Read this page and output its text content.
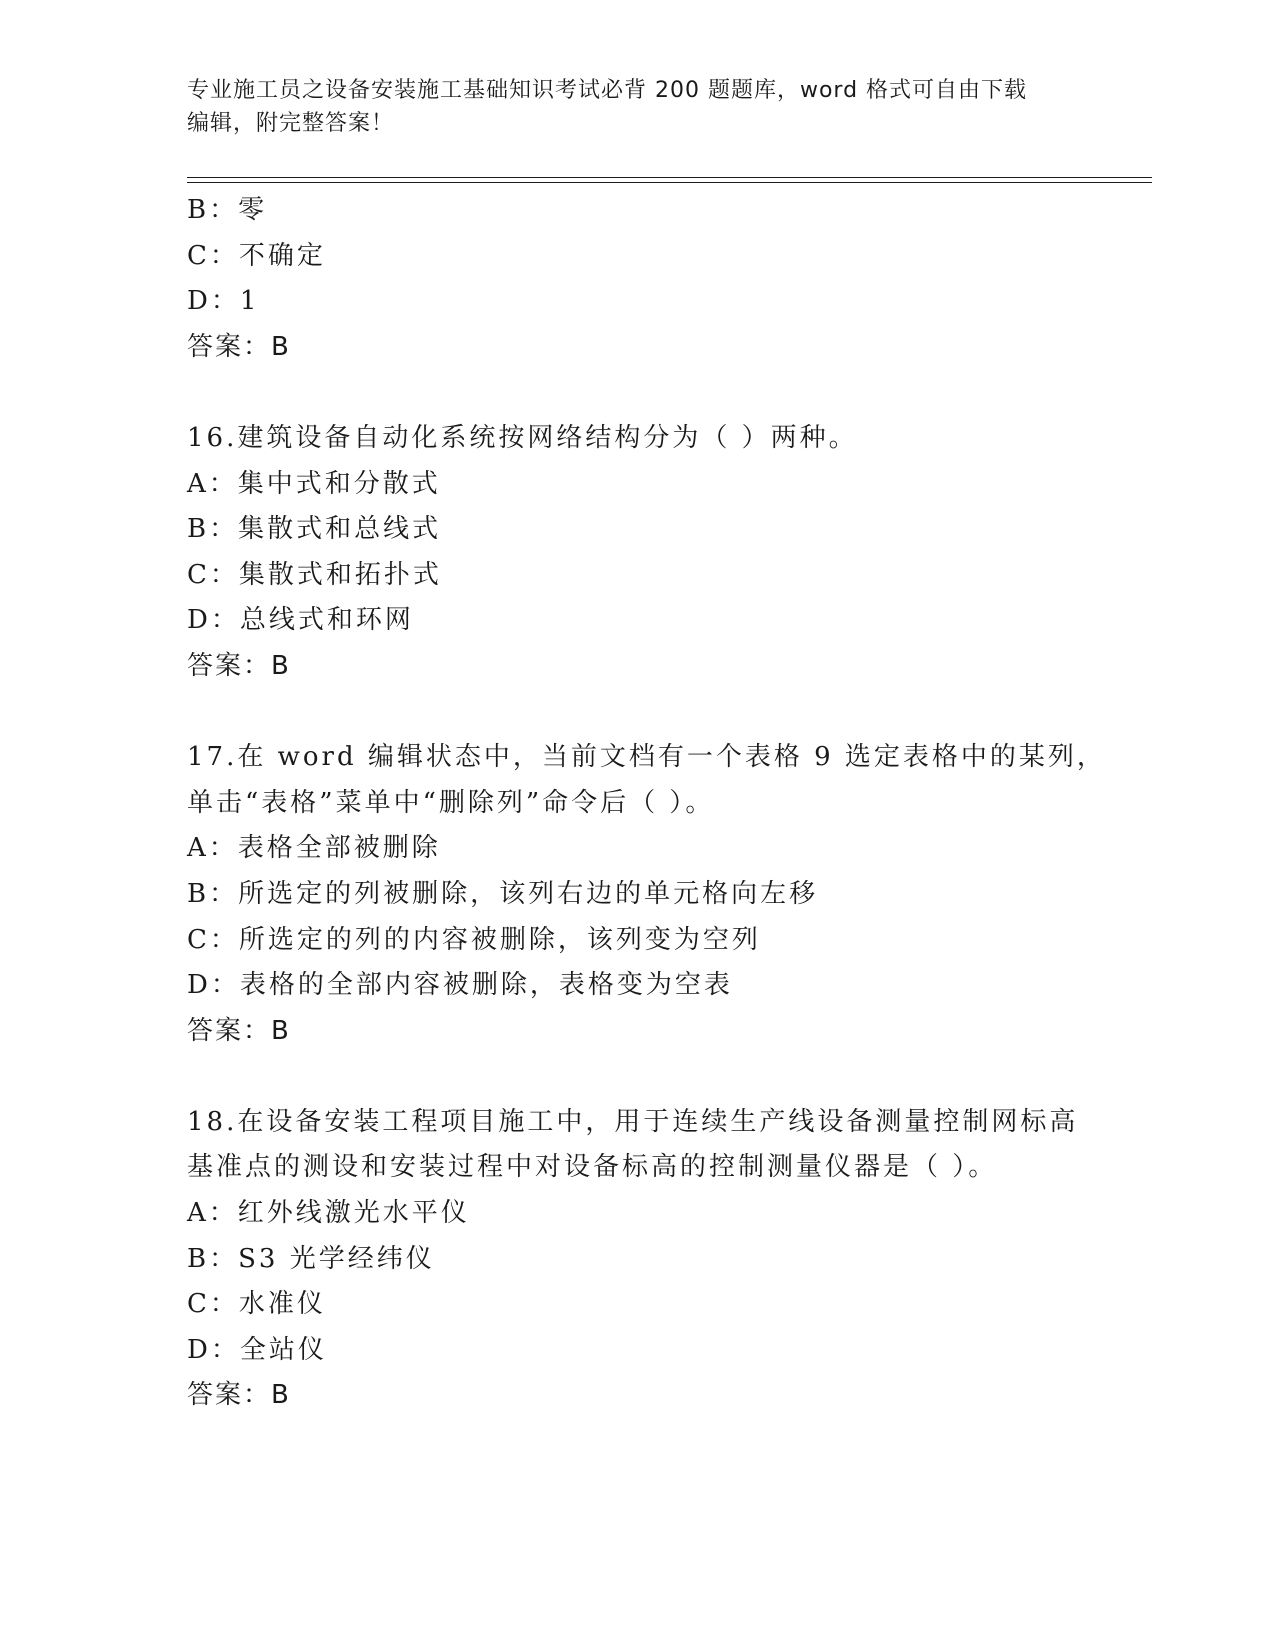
专业施工员之设备安装施工基础知识考试必背 200 题题库，word 格式可自由下载
编辑，附完整答案！
B：零
C：不确定
D：1
答案：B
16.建筑设备自动化系统按网络结构分为（ ）两种。
A：集中式和分散式
B：集散式和总线式
C：集散式和拓扑式
D：总线式和环网
答案：B
17.在 word 编辑状态中，当前文档有一个表格 9 选定表格中的某列，
单击“表格”菜单中“删除列”命令后（ ）。
A：表格全部被删除
B：所选定的列被删除，该列右边的单元格向左移
C：所选定的列的内容被删除，该列变为空列
D：表格的全部内容被删除，表格变为空表
答案：B
18.在设备安装工程项目施工中，用于连续生产线设备测量控制网标高
基准点的测设和安装过程中对设备标高的控制测量仪器是（ ）。
A：红外线激光水平仪
B：S3 光学经纬仪
C：水准仪
D：全站仪
答案：B
